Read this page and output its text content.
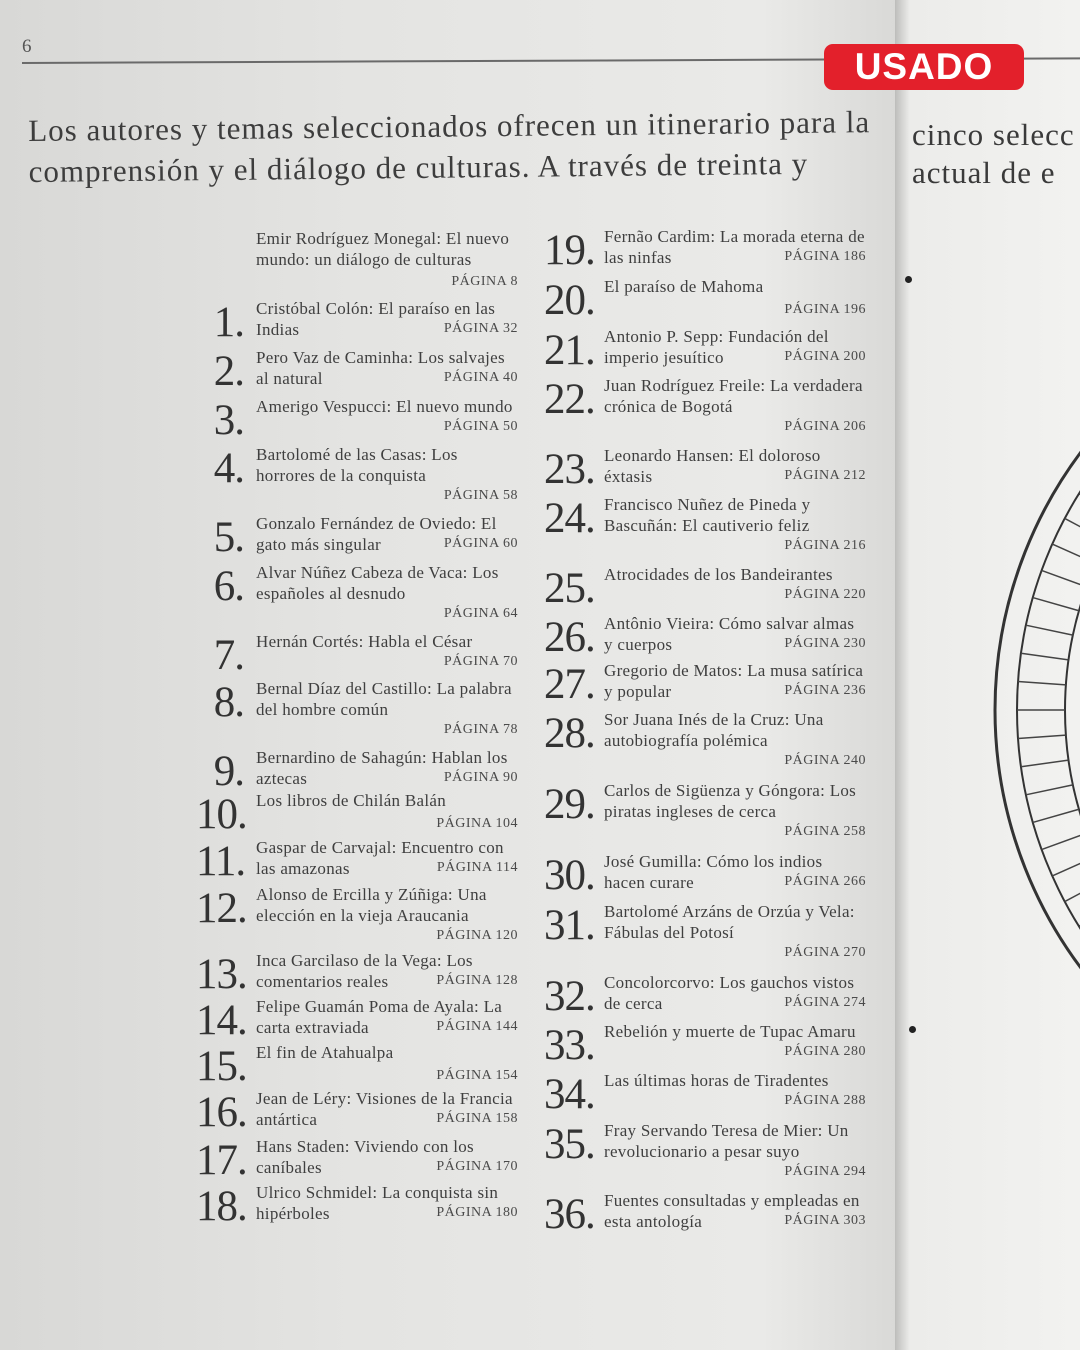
6
Los autores y temas seleccionados ofrecen un itinerario para la
comprensión y el diálogo de culturas. A través de treinta y
Emir Rodríguez Monegal: El nuevo mundo: un diálogo de culturas
PÁGINA 8
1. Cristóbal Colón: El paraíso en las Indias	PÁGINA 32
2. Pero Vaz de Caminha: Los salvajes al natural	PÁGINA 40
3. Amerigo Vespucci: El nuevo mundo
PÁGINA 50
4. Bartolomé de las Casas: Los horrores de la conquista
PÁGINA 58
5. Gonzalo Fernández de Oviedo: El gato más singular	PÁGINA 60
6. Alvar Núñez Cabeza de Vaca: Los españoles al desnudo
PÁGINA 64
7. Hernán Cortés: Habla el César
PÁGINA 70
8. Bernal Díaz del Castillo: La palabra del hombre común
PÁGINA 78
9. Bernardino de Sahagún: Hablan los aztecas	PÁGINA 90
10. Los libros de Chilán Balán
PÁGINA 104
11. Gaspar de Carvajal: Encuentro con las amazonas	PÁGINA 114
12. Alonso de Ercilla y Zúñiga: Una elección en la vieja Araucania
PÁGINA 120
13. Inca Garcilaso de la Vega: Los comentarios reales	PÁGINA 128
14. Felipe Guamán Poma de Ayala: La carta extraviada	PÁGINA 144
15. El fin de Atahualpa
PÁGINA 154
16. Jean de Léry: Visiones de la Francia antártica	PÁGINA 158
17. Hans Staden: Viviendo con los caníbales	PÁGINA 170
18. Ulrico Schmidel: La conquista sin hipérboles	PÁGINA 180
19. Fernão Cardim: La morada eterna de las ninfas	PÁGINA 186
20. El paraíso de Mahoma
PÁGINA 196
21. Antonio P. Sepp: Fundación del imperio jesuítico	PÁGINA 200
22. Juan Rodríguez Freile: La verdadera crónica de Bogotá
PÁGINA 206
23. Leonardo Hansen: El doloroso éxtasis	PÁGINA 212
24. Francisco Nuñez de Pineda y Bascuñán: El cautiverio feliz
PÁGINA 216
25. Atrocidades de los Bandeirantes
PÁGINA 220
26. Antônio Vieira: Cómo salvar almas y cuerpos	PÁGINA 230
27. Gregorio de Matos: La musa satírica y popular	PÁGINA 236
28. Sor Juana Inés de la Cruz: Una autobiografía polémica
PÁGINA 240
29. Carlos de Sigüenza y Góngora: Los piratas ingleses de cerca
PÁGINA 258
30. José Gumilla: Cómo los indios hacen curare	PÁGINA 266
31. Bartolomé Arzáns de Orzúa y Vela: Fábulas del Potosí
PÁGINA 270
32. Concolorcorvo: Los gauchos vistos de cerca	PÁGINA 274
33. Rebelión y muerte de Tupac Amaru
PÁGINA 280
34. Las últimas horas de Tiradentes
PÁGINA 288
35. Fray Servando Teresa de Mier: Un revolucionario a pesar suyo
PÁGINA 294
36. Fuentes consultadas y empleadas en esta antología	PÁGINA 303
cinco selecc
actual de e
USADO
